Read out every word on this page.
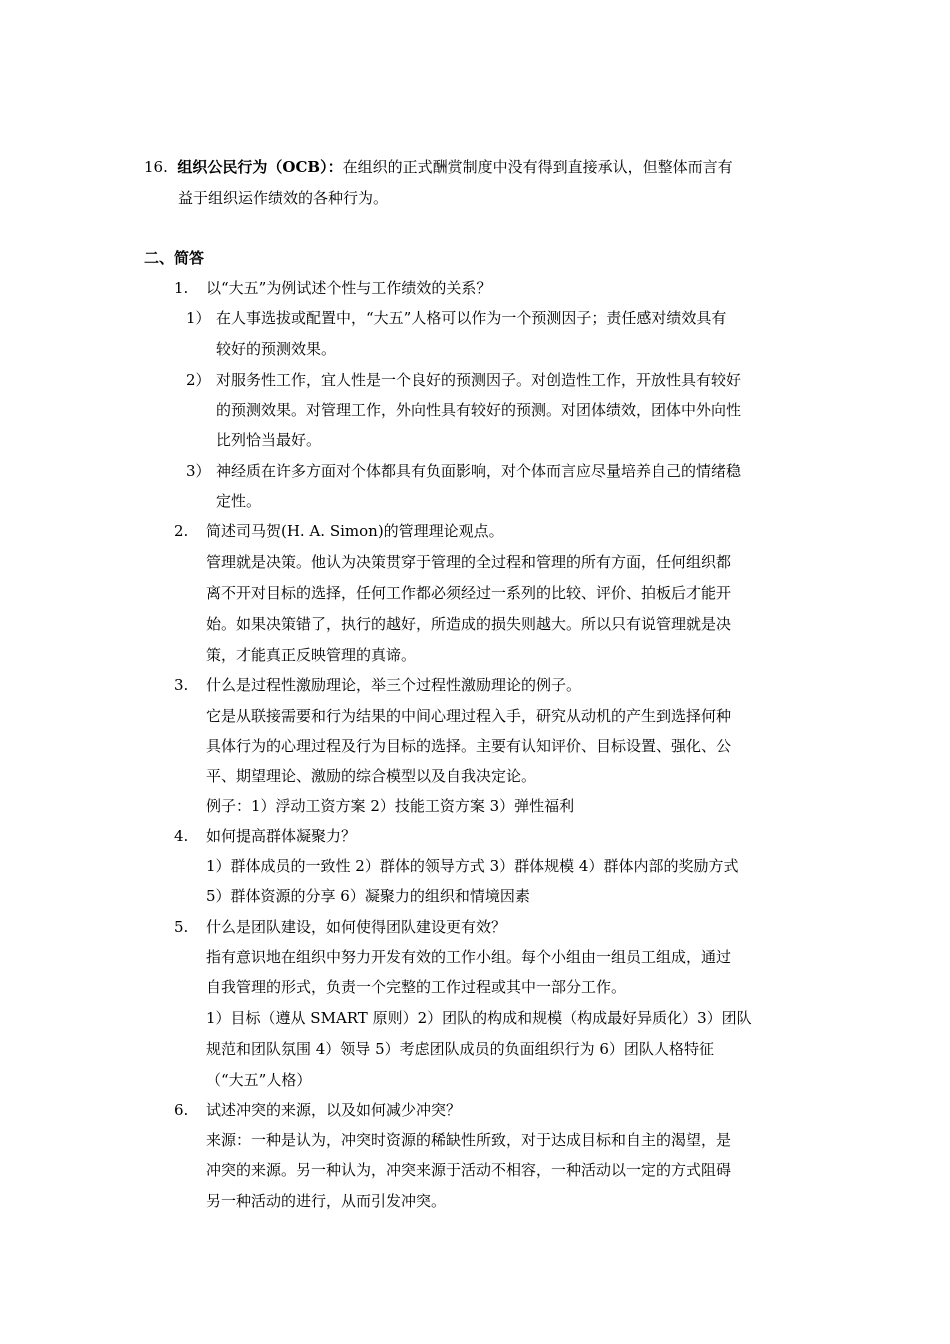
16. 组织公民行为（OCB）：在组织的正式酬赏制度中没有得到直接承认，但整体而言有
益于组织运作绩效的各种行为。
二、简答
1. 以“大五”为例试述个性与工作绩效的关系？
1） 在人事选拔或配置中，“大五”人格可以作为一个预测因子；责任感对绩效具有
较好的预测效果。
2） 对服务性工作，宜人性是一个良好的预测因子。对创造性工作，开放性具有较好
的预测效果。对管理工作，外向性具有较好的预测。对团体绩效，团体中外向性
比列恰当最好。
3） 神经质在许多方面对个体都具有负面影响，对个体而言应尽量培养自己的情绪稳
定性。
2. 简述司马贺(H. A. Simon)的管理理论观点。
管理就是决策。他认为决策贯穿于管理的全过程和管理的所有方面，任何组织都
离不开对目标的选择，任何工作都必须经过一系列的比较、评价、拍板后才能开
始。如果决策错了，执行的越好，所造成的损失则越大。所以只有说管理就是决
策，才能真正反映管理的真谛。
3. 什么是过程性激励理论，举三个过程性激励理论的例子。
它是从联接需要和行为结果的中间心理过程入手，研究从动机的产生到选择何种
具体行为的心理过程及行为目标的选择。主要有认知评价、目标设置、强化、公
平、期望理论、激励的综合模型以及自我决定论。
例子：1）浮动工资方案 2）技能工资方案 3）弹性福利
4. 如何提高群体凝聚力？
1）群体成员的一致性 2）群体的领导方式 3）群体规模 4）群体内部的奖励方式
5）群体资源的分享 6）凝聚力的组织和情境因素
5. 什么是团队建设，如何使得团队建设更有效？
指有意识地在组织中努力开发有效的工作小组。每个小组由一组员工组成，通过
自我管理的形式，负责一个完整的工作过程或其中一部分工作。
1）目标（遵从 SMART 原则）2）团队的构成和规模（构成最好异质化）3）团队
规范和团队氛围 4）领导 5）考虑团队成员的负面组织行为 6）团队人格特征
（“大五”人格）
6. 试述冲突的来源，以及如何减少冲突？
来源：一种是认为，冲突时资源的稀缺性所致，对于达成目标和自主的渴望，是
冲突的来源。另一种认为，冲突来源于活动不相容，一种活动以一定的方式阻碍
另一种活动的进行，从而引发冲突。
